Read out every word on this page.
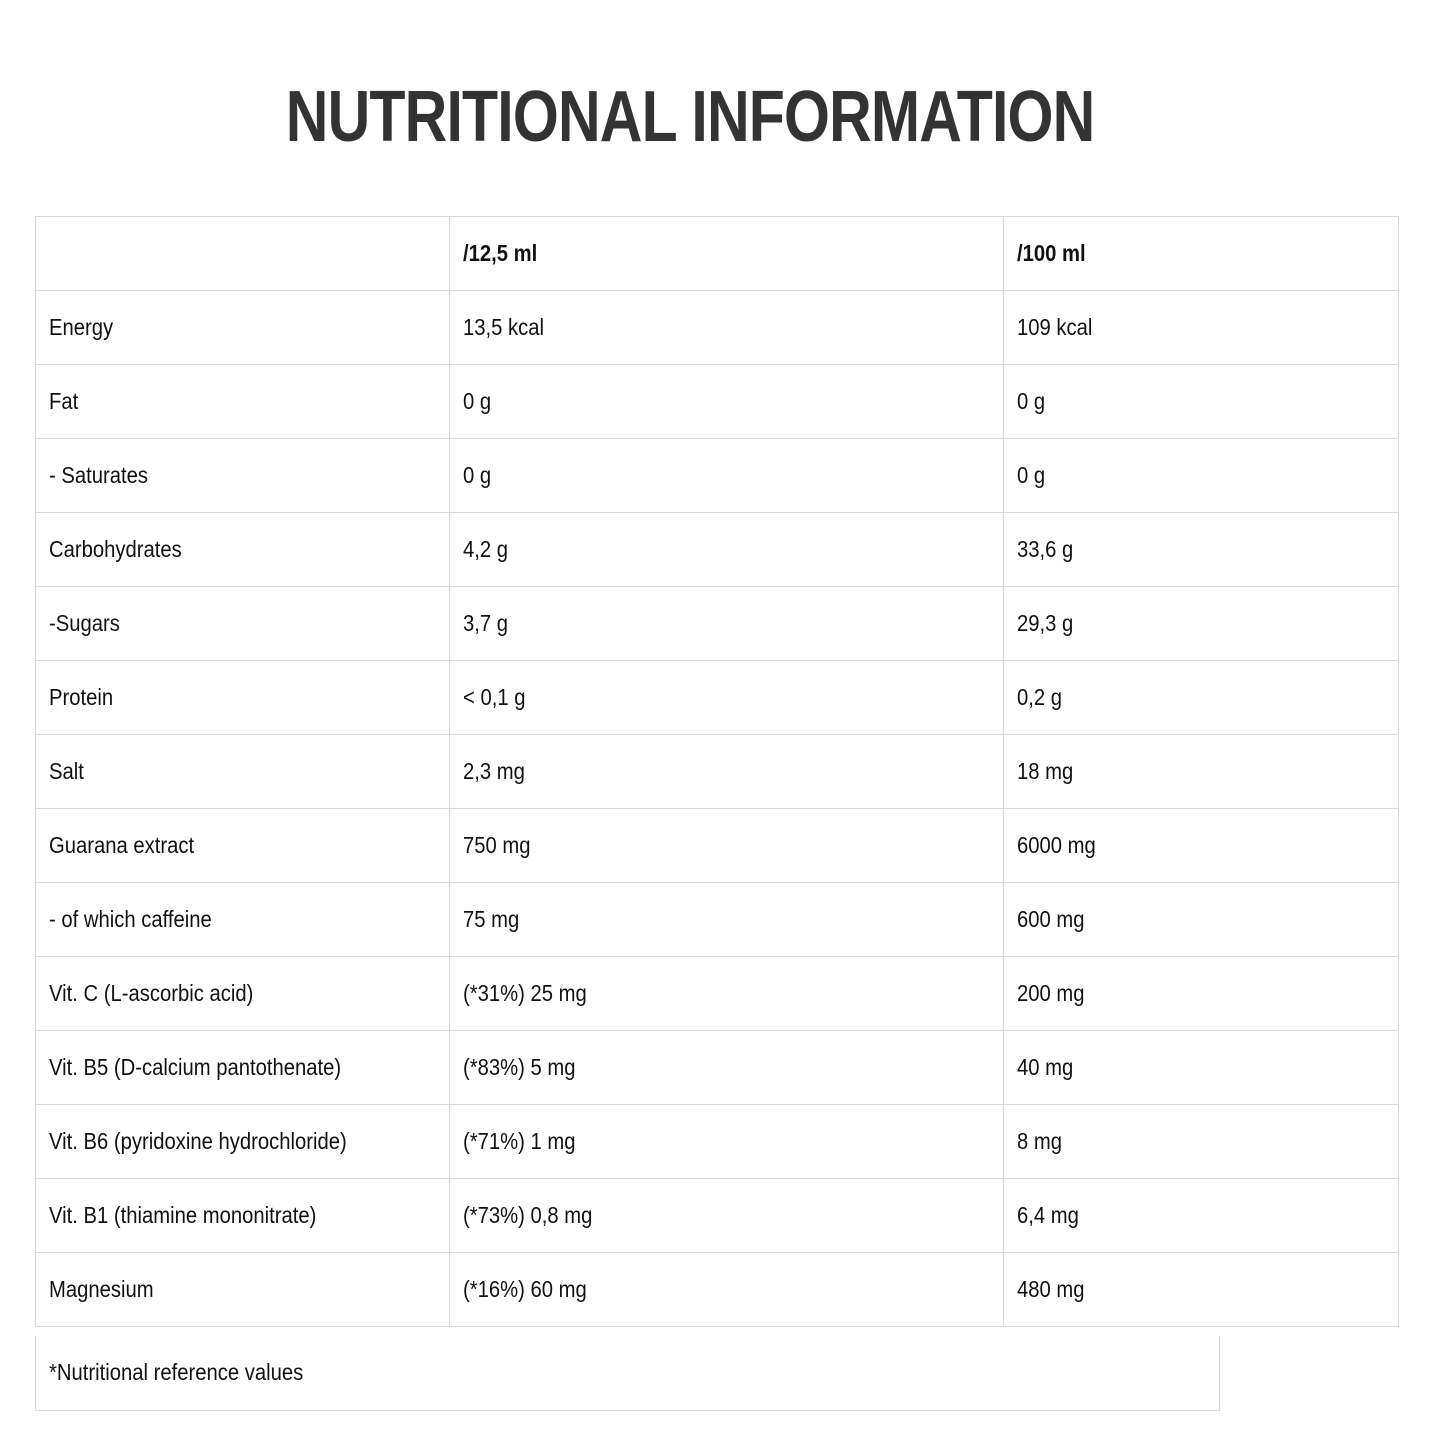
NUTRITIONAL INFORMATION
	/12,5 ml	/100 ml
Energy	13,5 kcal	109 kcal
Fat	0 g	0 g
- Saturates	0 g	0 g
Carbohydrates	4,2 g	33,6 g
-Sugars	3,7 g	29,3 g
Protein	< 0,1 g	0,2 g
Salt	2,3 mg	18 mg
Guarana extract	750 mg	6000 mg
- of which caffeine	75 mg	600 mg
Vit. C (L-ascorbic acid)	(*31%) 25 mg	200 mg
Vit. B5 (D-calcium pantothenate)	(*83%) 5 mg	40 mg
Vit. B6 (pyridoxine hydrochloride)	(*71%) 1 mg	8 mg
Vit. B1 (thiamine mononitrate)	(*73%) 0,8 mg	6,4 mg
Magnesium	(*16%) 60 mg	480 mg
*Nutritional reference values
